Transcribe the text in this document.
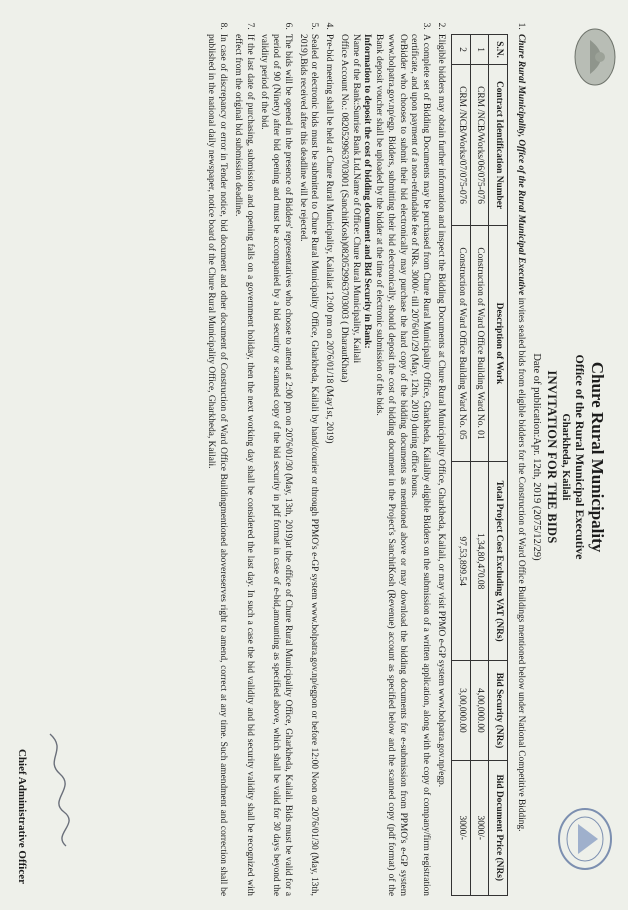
Chure Rural Municipality
Office of the Rural Municipal Executive
Gharkheda, Kailali
INVITATION FOR THE BIDS
Date of publication:Apr. 12th, 2019 (2075/12/29)
1. Chure Rural Municipality, Office of the Rural Municipal Executive invites sealed bids from eligible bidders for the Construction of Ward Office Buildings mentioned below under National Competitive Bidding.
S.N.	Contract Identification Number	Description of Work	Total Project Cost Excluding VAT (NRs)	Bid Security (NRs)	Bid Document Price (NRs)
1	CRM /NCB/Works/06/075-076	Construction of Ward Office Building Ward No. 01	1,34,80,470.08	4,00,000.00	3000/-
2	CRM /NCB/Works/07/075-076	Construction of Ward Office Building Ward No. 05	97,53,899.54	3,00,000.00	3000/-
2. Eligible bidders may obtain further information and inspect the Bidding Documents at Chure Rural Municipality Office, Gharkheda, Kailali, or may visit PPMO e-GP system www.bolpatra.gov.np/egp.
3. A complete set of Bidding Documents may be purchased from Chure Rural Municipality Office, Gharkheda, Kailaliby eligible Bidders on the submission of a written application, along with the copy of company/firm registration certificate, and upon payment of a non-refundable fee of NRs. 3000/- till 2076/01/29 (May, 12th, 2019) during office hours.
OrBidder who chooses to submit their bid electronically may purchase the hard copy of the bidding documents as mentioned above or may download the bidding documents for e-submission from PPMO's e-GP system www.bolpatra.gov.np/egp. Bidders, submitting their bid electronically, should deposit the cost of bidding document in the Project's SanchitKosh (Revenue) account as specified below and the scanned copy (pdf format) of the Bank deposit voucher shall be uploaded by the bidder at the time of electronic submission of the bids.
Information to deposit the cost of bidding document and Bid Security in Bank:
Name of the Bank:Sunrise Bank Ltd.Name of Office: Chure Rural Municipality, Kailali
Office Account No.: 0820529963703001 (SanchitKosh)0820529963703003 ( DharautKhata)
4. Pre-bid meeting shall be held at Chure Rural Municipality, Kailaliat 12:00 pm on 2076/01/18 (May1st, 2019)
5. Sealed or electronic bids must be submitted to Chure Rural Municipality Office, Gharkheda, Kailali by hand/courier or through PPMO's e-GP system www.bolpatra.gov.np/egpon or before 12:00 Noon on 2076/01/30 (May, 13th, 2019).Bids received after this deadline will be rejected.
6. The bids will be opened in the presence of Bidders' representatives who choose to attend at 2:00 pm on 2076/01/30 (May, 13th, 2019)at the office of Chure Rural Municipality Office, Gharkheda, Kailali. Bids must be valid for a period of 90 (Ninety) after bid opening and must be accompanied by a bid security or scanned copy of the bid security in pdf format in case of e-bid,amounting as specified above, which shall be valid for 30 days beyond the validity period of the bid.
7. If the last date of purchasing, submission and opening falls on a government holiday, then the next working day shall be considered the last day. In such a case the bid validity and bid security validity shall be recognized with effect from the original bid submission deadline.
8. In case of discrepancy or error in Tender notice, bid document and other document of Construction of Ward Office Buildingmentioned abovereserves right to amend, correct at any time. Such amendment and correction shall be published in the national daily newspaper, notice board of the Chure Rural Municipality Office, Gharkheda, Kailali.
Chief Administrative Officer
